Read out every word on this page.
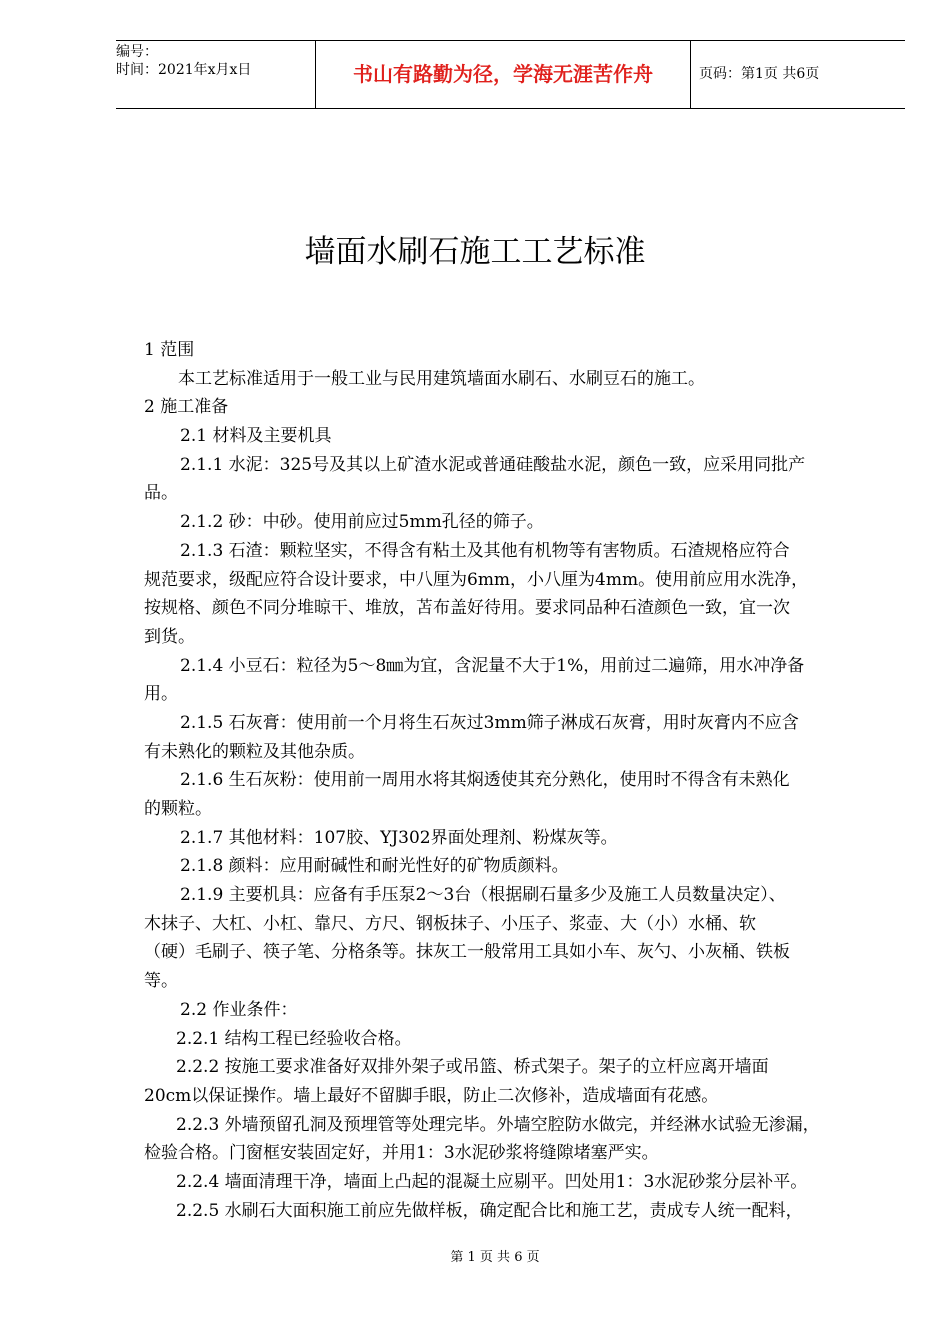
编号：
时间：2021年x月x日	书山有路勤为径，学海无涯苦作舟	页码：第1页 共6页
墙面水刷石施工工艺标准
1 范围
本工艺标准适用于一般工业与民用建筑墙面水刷石、水刷豆石的施工。
2 施工准备
2.1 材料及主要机具
2.1.1 水泥：325号及其以上矿渣水泥或普通硅酸盐水泥，颜色一致，应采用同批产
品。
2.1.2 砂：中砂。使用前应过5mm孔径的筛子。
2.1.3 石渣：颗粒坚实，不得含有粘土及其他有机物等有害物质。石渣规格应符合
规范要求，级配应符合设计要求，中八厘为6mm，小八厘为4mm。使用前应用水洗净，
按规格、颜色不同分堆晾干、堆放，苫布盖好待用。要求同品种石渣颜色一致，宜一次
到货。
2.1.4 小豆石：粒径为5～8㎜为宜，含泥量不大于1%，用前过二遍筛，用水冲净备
用。
2.1.5 石灰膏：使用前一个月将生石灰过3mm筛子淋成石灰膏，用时灰膏内不应含
有未熟化的颗粒及其他杂质。
2.1.6 生石灰粉：使用前一周用水将其焖透使其充分熟化，使用时不得含有未熟化
的颗粒。
2.1.7 其他材料：107胶、YJ302界面处理剂、粉煤灰等。
2.1.8 颜料：应用耐碱性和耐光性好的矿物质颜料。
2.1.9 主要机具：应备有手压泵2～3台（根据刷石量多少及施工人员数量决定）、
木抹子、大杠、小杠、靠尺、方尺、钢板抹子、小压子、浆壶、大（小）水桶、软
（硬）毛刷子、筷子笔、分格条等。抹灰工一般常用工具如小车、灰勺、小灰桶、铁板
等。
2.2 作业条件：
2.2.1 结构工程已经验收合格。
2.2.2 按施工要求准备好双排外架子或吊篮、桥式架子。架子的立杆应离开墙面
20cm以保证操作。墙上最好不留脚手眼，防止二次修补，造成墙面有花感。
2.2.3 外墙预留孔洞及预埋管等处理完毕。外墙空腔防水做完，并经淋水试验无渗漏，
检验合格。门窗框安装固定好，并用1：3水泥砂浆将缝隙堵塞严实。
2.2.4 墙面清理干净，墙面上凸起的混凝土应剔平。凹处用1：3水泥砂浆分层补平。
2.2.5 水刷石大面积施工前应先做样板，确定配合比和施工艺，责成专人统一配料，
第 1 页 共 6 页
